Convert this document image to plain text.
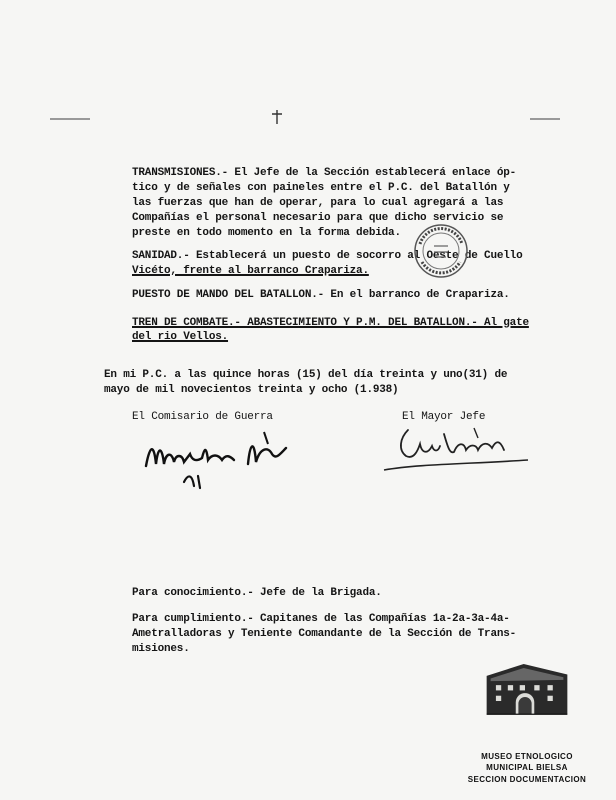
TRANSMISIONES.- El Jefe de la Sección establecerá enlace óp-
tico y de señales con paineles entre el P.C. del Batallón y
las fuerzas que han de operar, para lo cual agregará a las
Compañías el personal necesario para que dicho servicio se
preste en todo momento en la forma debida.
SANIDAD.- Establecerá un puesto de socorro al Oeste de Cuello
Vicéto, frente al barranco Crapariza.
PUESTO DE MANDO DEL BATALLON.- En el barranco de Crapariza.
TREN DE COMBATE.- ABASTECIMIENTO Y P.M. DEL BATALLON.- Al gate
del rio Vellos.
En mi P.C. a las quince horas (15) del día treinta y uno(31) de
mayo de mil novecientos treinta y ocho (1.938)
El Comisario de Guerra	El Mayor Jefe
Para conocimiento.- Jefe de la Brigada.
Para cumplimiento.- Capitanes de las Compañías 1a-2a-3a-4a-
Ametralladoras y Teniente Comandante de la Sección de Trans-
misiones.
MUSEO ETNOLOGICO
MUNICIPAL BIELSA
SECCION DOCUMENTACION
